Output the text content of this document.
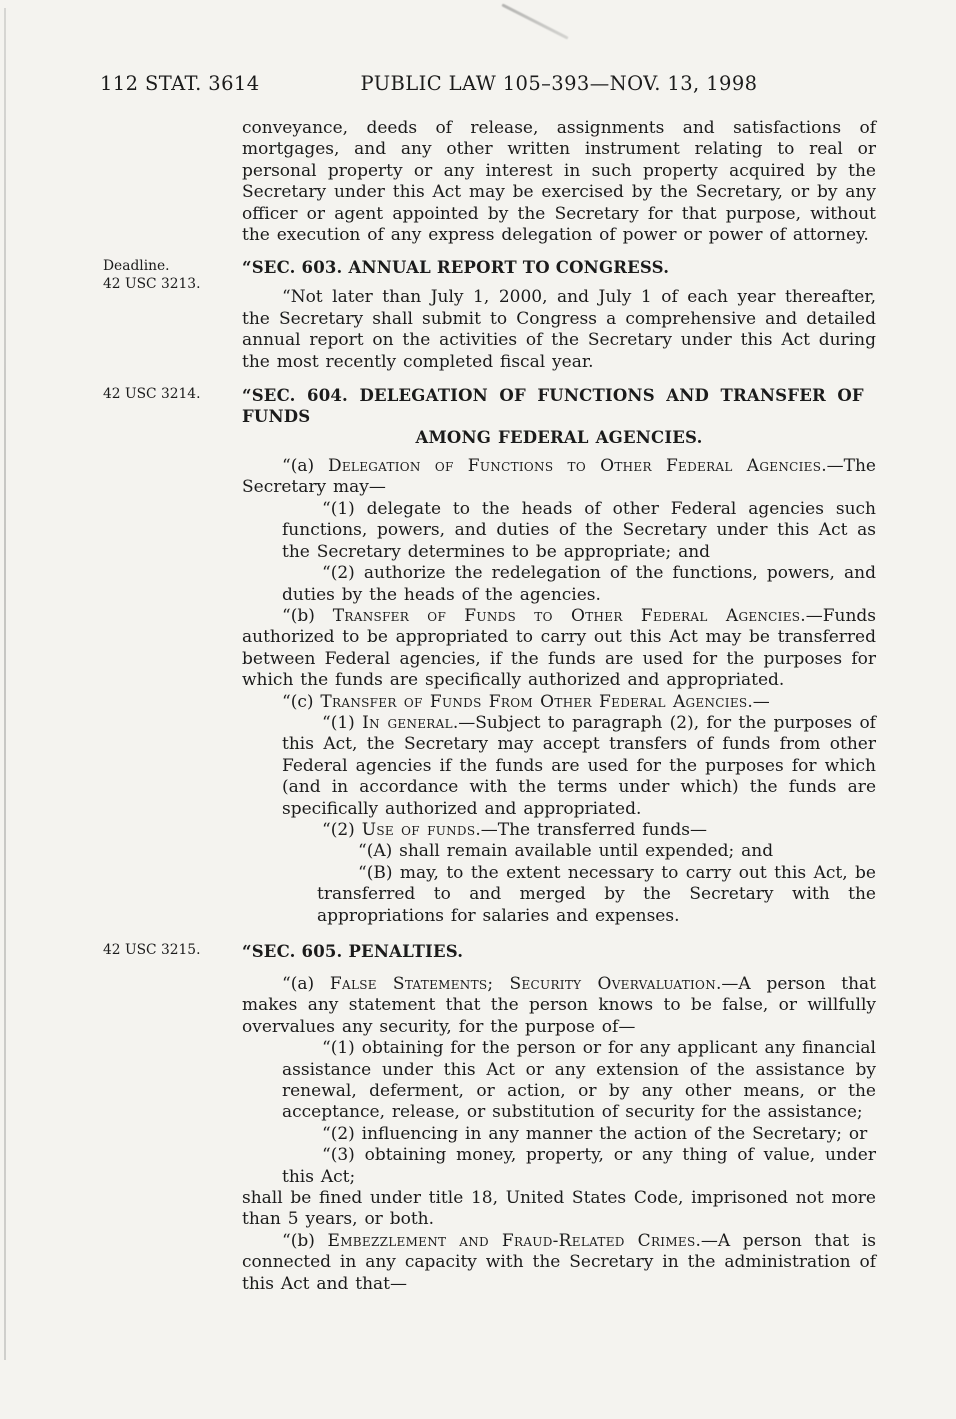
112 STAT. 3614	PUBLIC LAW 105–393—NOV. 13, 1998

conveyance, deeds of release, assignments and satisfactions of mortgages, and any other written instrument relating to real or personal property or any interest in such property acquired by the Secretary under this Act may be exercised by the Secretary, or by any officer or agent appointed by the Secretary for that purpose, without the execution of any express delegation of power or power of attorney.

Deadline.
42 USC 3213.
“SEC. 603. ANNUAL REPORT TO CONGRESS.

“Not later than July 1, 2000, and July 1 of each year thereafter, the Secretary shall submit to Congress a comprehensive and detailed annual report on the activities of the Secretary under this Act during the most recently completed fiscal year.

42 USC 3214.	“SEC. 604. DELEGATION OF FUNCTIONS AND TRANSFER OF FUNDS
AMONG FEDERAL AGENCIES.

“(a) Delegation of Functions to Other Federal Agencies.—The Secretary may—

“(1) delegate to the heads of other Federal agencies such functions, powers, and duties of the Secretary under this Act as the Secretary determines to be appropriate; and

“(2) authorize the redelegation of the functions, powers, and duties by the heads of the agencies.

“(b) Transfer of Funds to Other Federal Agencies.—Funds authorized to be appropriated to carry out this Act may be transferred between Federal agencies, if the funds are used for the purposes for which the funds are specifically authorized and appropriated.

“(c) Transfer of Funds From Other Federal Agencies.—

“(1) In general.—Subject to paragraph (2), for the purposes of this Act, the Secretary may accept transfers of funds from other Federal agencies if the funds are used for the purposes for which (and in accordance with the terms under which) the funds are specifically authorized and appropriated.

“(2) Use of funds.—The transferred funds—

“(A) shall remain available until expended; and

“(B) may, to the extent necessary to carry out this Act, be transferred to and merged by the Secretary with the appropriations for salaries and expenses.

42 USC 3215.	“SEC. 605. PENALTIES.

“(a) False Statements; Security Overvaluation.—A person that makes any statement that the person knows to be false, or willfully overvalues any security, for the purpose of—

“(1) obtaining for the person or for any applicant any financial assistance under this Act or any extension of the assistance by renewal, deferment, or action, or by any other means, or the acceptance, release, or substitution of security for the assistance;

“(2) influencing in any manner the action of the Secretary; or

“(3) obtaining money, property, or any thing of value, under this Act;

shall be fined under title 18, United States Code, imprisoned not more than 5 years, or both.

“(b) Embezzlement and Fraud-Related Crimes.—A person that is connected in any capacity with the Secretary in the administration of this Act and that—
